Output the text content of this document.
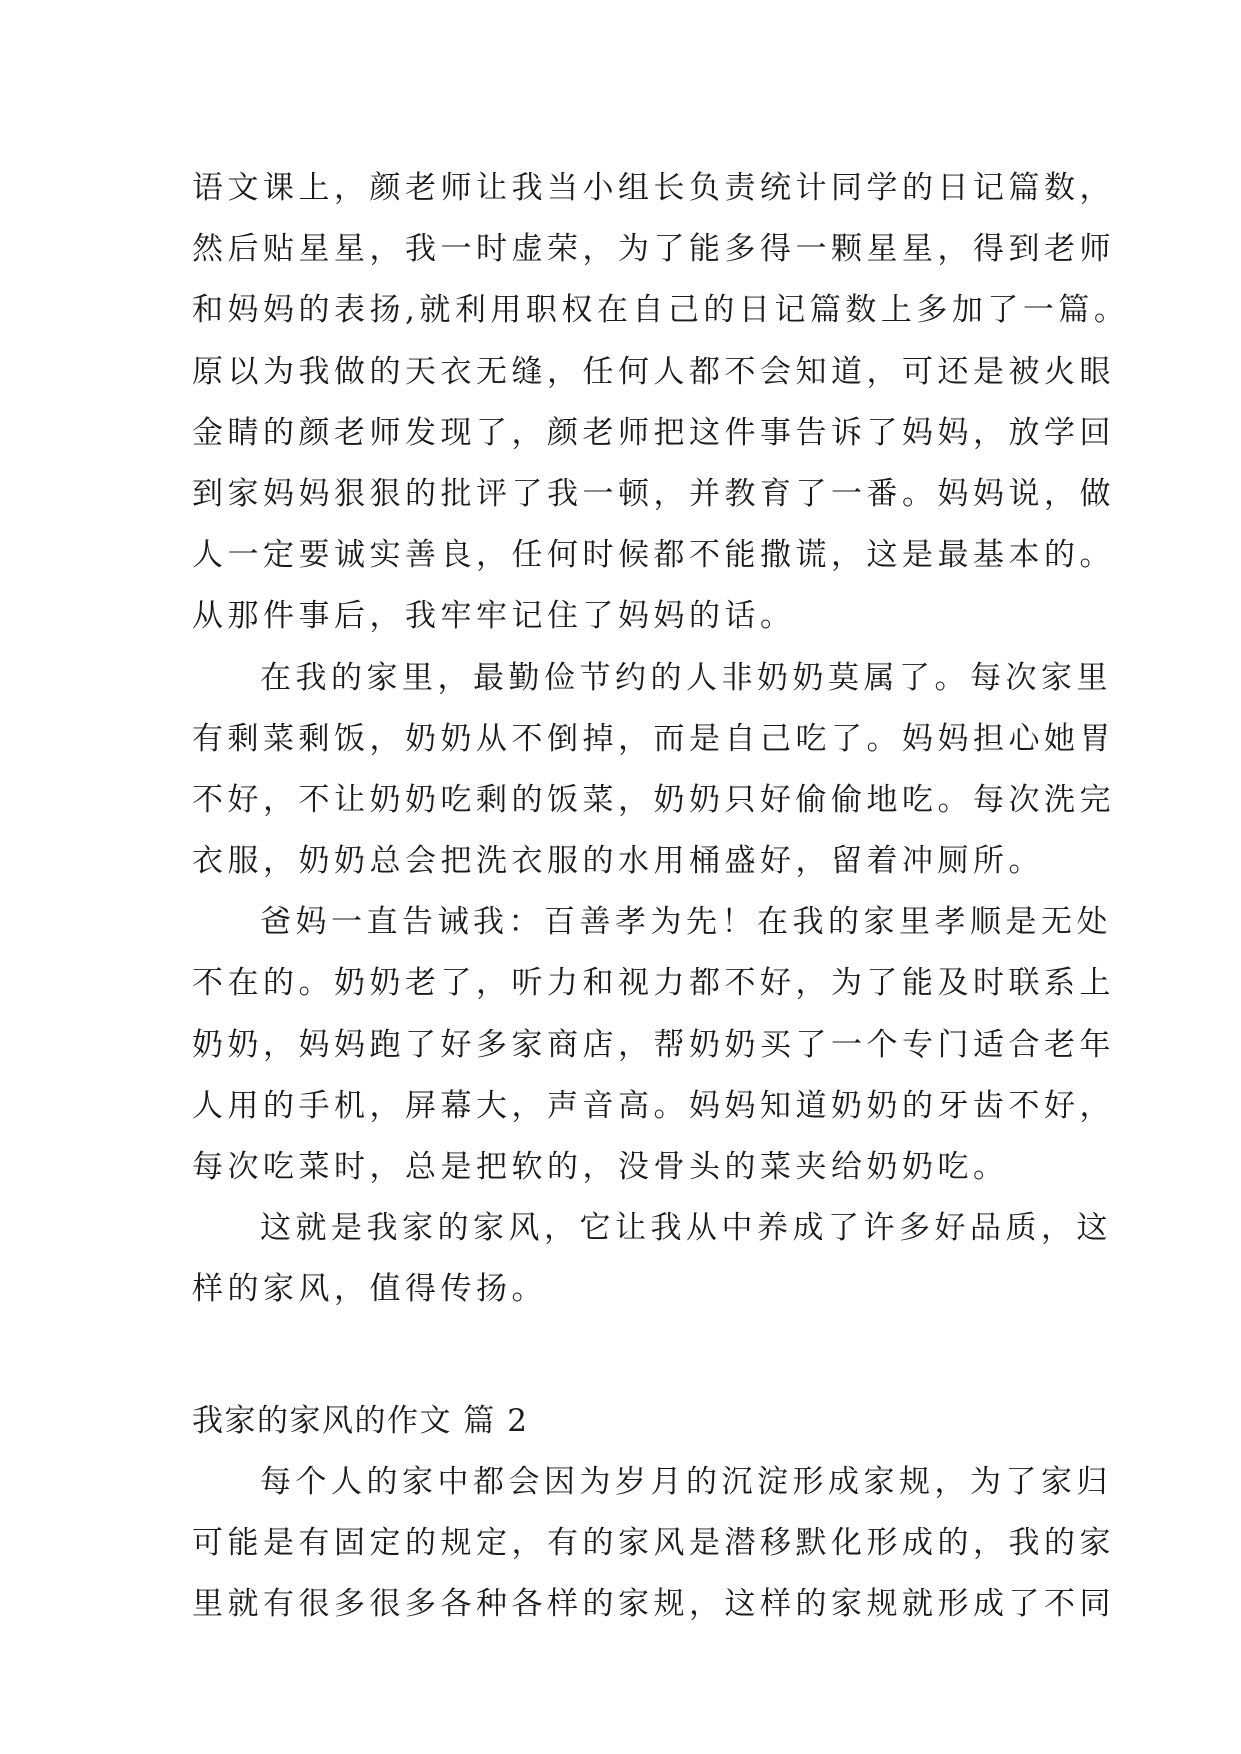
语文课上，颜老师让我当小组长负责统计同学的日记篇数，
然后贴星星，我一时虚荣，为了能多得一颗星星，得到老师
和妈妈的表扬,就利用职权在自己的日记篇数上多加了一篇。
原以为我做的天衣无缝，任何人都不会知道，可还是被火眼
金睛的颜老师发现了，颜老师把这件事告诉了妈妈，放学回
到家妈妈狠狠的批评了我一顿，并教育了一番。妈妈说，做
人一定要诚实善良，任何时候都不能撒谎，这是最基本的。
从那件事后，我牢牢记住了妈妈的话。
在我的家里，最勤俭节约的人非奶奶莫属了。每次家里
有剩菜剩饭，奶奶从不倒掉，而是自己吃了。妈妈担心她胃
不好，不让奶奶吃剩的饭菜，奶奶只好偷偷地吃。每次洗完
衣服，奶奶总会把洗衣服的水用桶盛好，留着冲厕所。
爸妈一直告诫我：百善孝为先！在我的家里孝顺是无处
不在的。奶奶老了，听力和视力都不好，为了能及时联系上
奶奶，妈妈跑了好多家商店，帮奶奶买了一个专门适合老年
人用的手机，屏幕大，声音高。妈妈知道奶奶的牙齿不好，
每次吃菜时，总是把软的，没骨头的菜夹给奶奶吃。
这就是我家的家风，它让我从中养成了许多好品质，这
样的家风，值得传扬。
我家的家风的作文 篇 2
每个人的家中都会因为岁月的沉淀形成家规，为了家归
可能是有固定的规定，有的家风是潜移默化形成的，我的家
里就有很多很多各种各样的家规，这样的家规就形成了不同
